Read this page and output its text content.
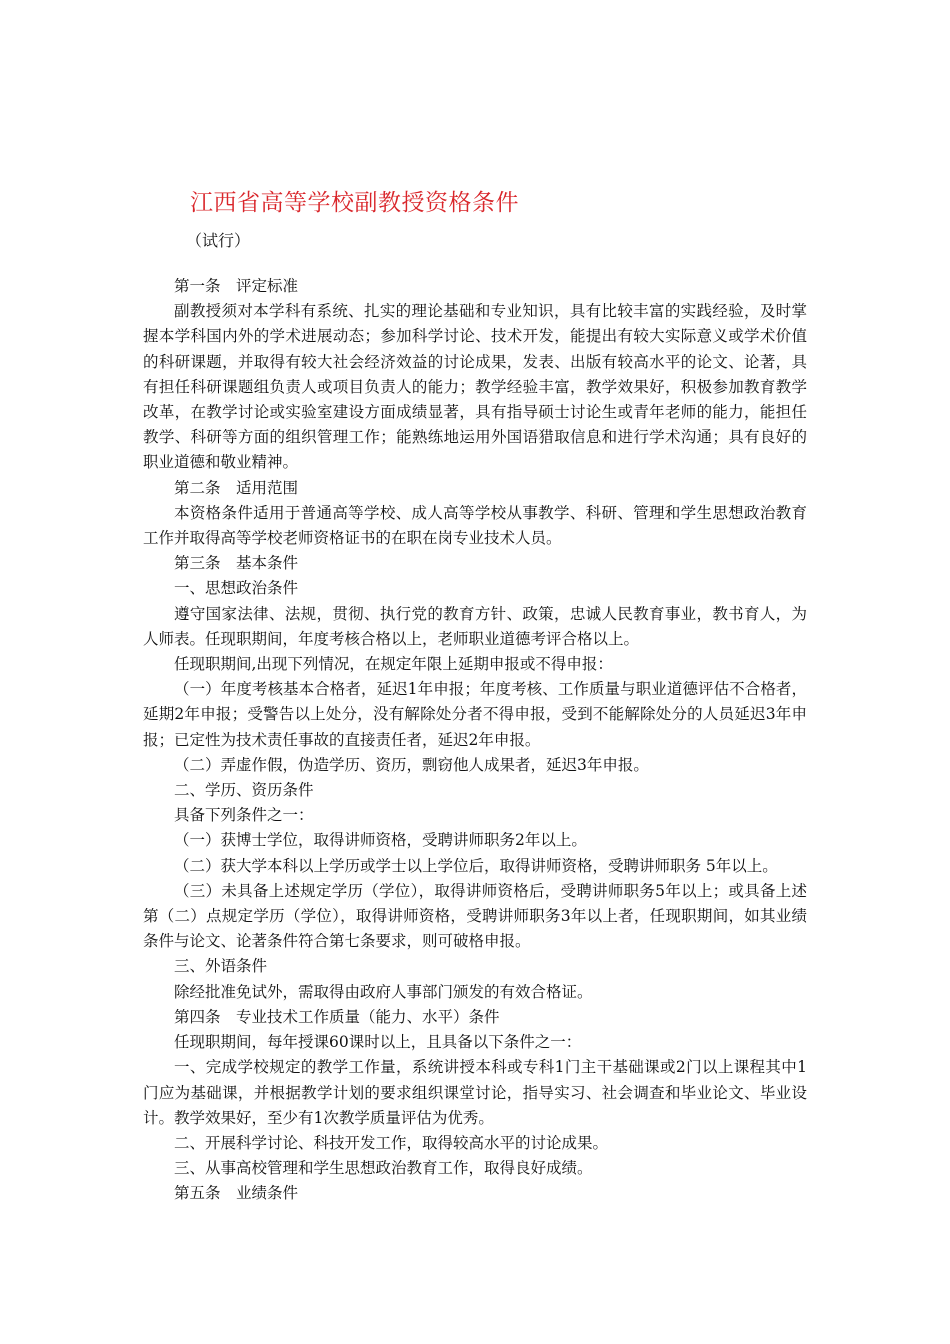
江西省高等学校副教授资格条件
（试行）

第一条　评定标准

副教授须对本学科有系统、扎实的理论基础和专业知识，具有比较丰富的实践经验，及时掌握本学科国内外的学术进展动态；参加科学讨论、技术开发，能提出有较大实际意义或学术价值的科研课题，并取得有较大社会经济效益的讨论成果，发表、出版有较高水平的论文、论著，具有担任科研课题组负责人或项目负责人的能力；教学经验丰富，教学效果好，积极参加教育教学改革，在教学讨论或实验室建设方面成绩显著，具有指导硕士讨论生或青年老师的能力，能担任教学、科研等方面的组织管理工作；能熟练地运用外国语猎取信息和进行学术沟通；具有良好的职业道德和敬业精神。

第二条　适用范围

本资格条件适用于普通高等学校、成人高等学校从事教学、科研、管理和学生思想政治教育工作并取得高等学校老师资格证书的在职在岗专业技术人员。

第三条　基本条件

一、思想政治条件

遵守国家法律、法规，贯彻、执行党的教育方针、政策，忠诚人民教育事业，教书育人，为人师表。任现职期间，年度考核合格以上，老师职业道德考评合格以上。

任现职期间,出现下列情况，在规定年限上延期申报或不得申报：

（一）年度考核基本合格者，延迟1年申报；年度考核、工作质量与职业道德评估不合格者，延期2年申报；受警告以上处分，没有解除处分者不得申报，受到不能解除处分的人员延迟3年申报；已定性为技术责任事故的直接责任者，延迟2年申报。

（二）弄虚作假，伪造学历、资历，剽窃他人成果者，延迟3年申报。

二、学历、资历条件

具备下列条件之一：

（一）获博士学位，取得讲师资格，受聘讲师职务2年以上。

（二）获大学本科以上学历或学士以上学位后，取得讲师资格，受聘讲师职务 5年以上。

（三）未具备上述规定学历（学位），取得讲师资格后，受聘讲师职务5年以上；或具备上述第（二）点规定学历（学位），取得讲师资格，受聘讲师职务3年以上者，任现职期间，如其业绩条件与论文、论著条件符合第七条要求，则可破格申报。

三、外语条件

除经批准免试外，需取得由政府人事部门颁发的有效合格证。

第四条　专业技术工作质量（能力、水平）条件

任现职期间，每年授课60课时以上，且具备以下条件之一：

一、完成学校规定的教学工作量，系统讲授本科或专科1门主干基础课或2门以上课程其中1门应为基础课，并根据教学计划的要求组织课堂讨论，指导实习、社会调查和毕业论文、毕业设计。教学效果好，至少有1次教学质量评估为优秀。

二、开展科学讨论、科技开发工作，取得较高水平的讨论成果。

三、从事高校管理和学生思想政治教育工作，取得良好成绩。

第五条　业绩条件
